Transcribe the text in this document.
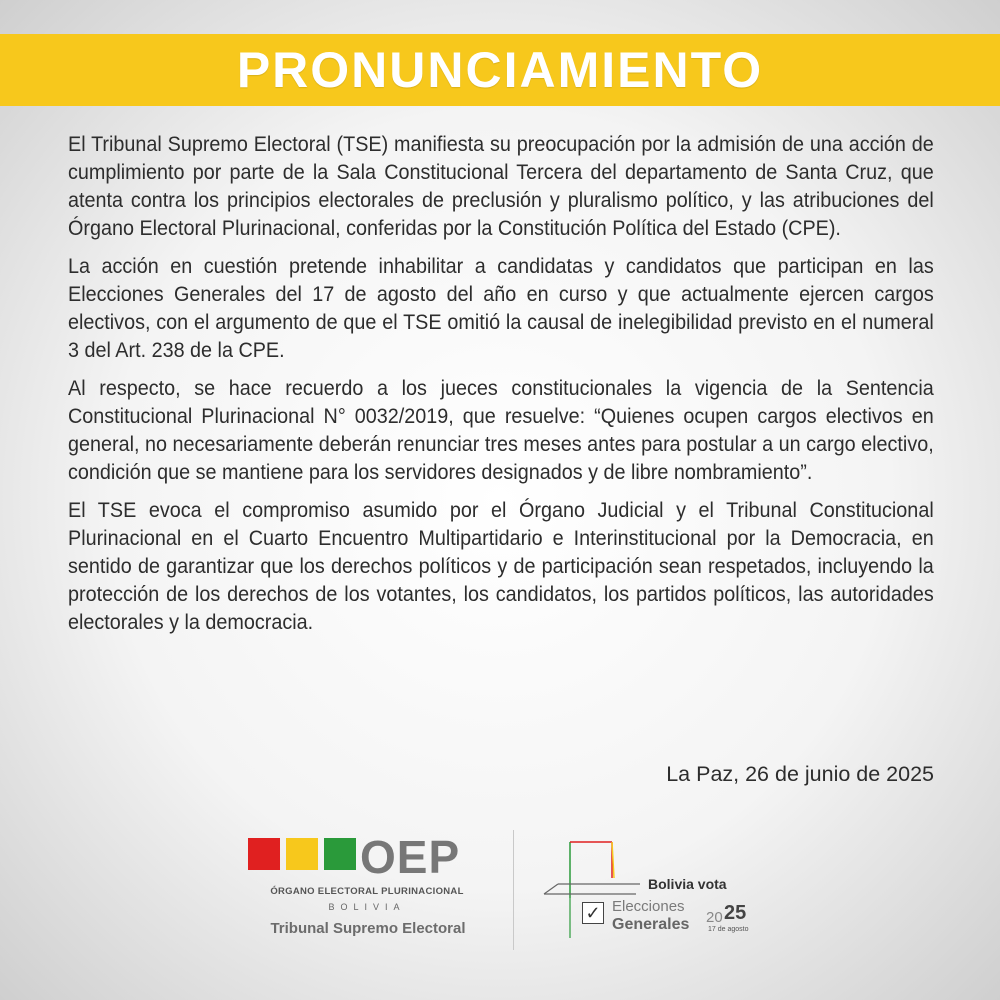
PRONUNCIAMIENTO

El Tribunal Supremo Electoral (TSE) manifiesta su preocupación por la admisión de una acción de cumplimiento por parte de la Sala Constitucional Tercera del departamento de Santa Cruz, que atenta contra los principios electorales de preclusión y pluralismo político, y las atribuciones del Órgano Electoral Plurinacional, conferidas por la Constitución Política del Estado (CPE).

La acción en cuestión pretende inhabilitar a candidatas y candidatos que participan en las Elecciones Generales del 17 de agosto del año en curso y que actualmente ejercen cargos electivos, con el argumento de que el TSE omitió la causal de inelegibilidad previsto en el numeral 3 del Art. 238 de la CPE.

Al respecto, se hace recuerdo a los jueces constitucionales la vigencia de la Sentencia Constitucional Plurinacional N° 0032/2019, que resuelve: “Quienes ocupen cargos electivos en general, no necesariamente deberán renunciar tres meses antes para postular a un cargo electivo, condición que se mantiene para los servidores designados y de libre nombramiento”.

El TSE evoca el compromiso asumido por el Órgano Judicial y el Tribunal Constitucional Plurinacional en el Cuarto Encuentro Multipartidario e Interinstitucional por la Democracia, en sentido de garantizar que los derechos políticos y de participación sean respetados, incluyendo la protección de los derechos de los votantes, los candidatos, los partidos políticos, las autoridades electorales y la democracia.

La Paz, 26 de junio de 2025
OEP
ÓRGANO ELECTORAL PLURINACIONAL
BOLIVIA
Tribunal Supremo Electoral
Bolivia vota
✓ Elecciones
Generales 20 25
17 de agosto
